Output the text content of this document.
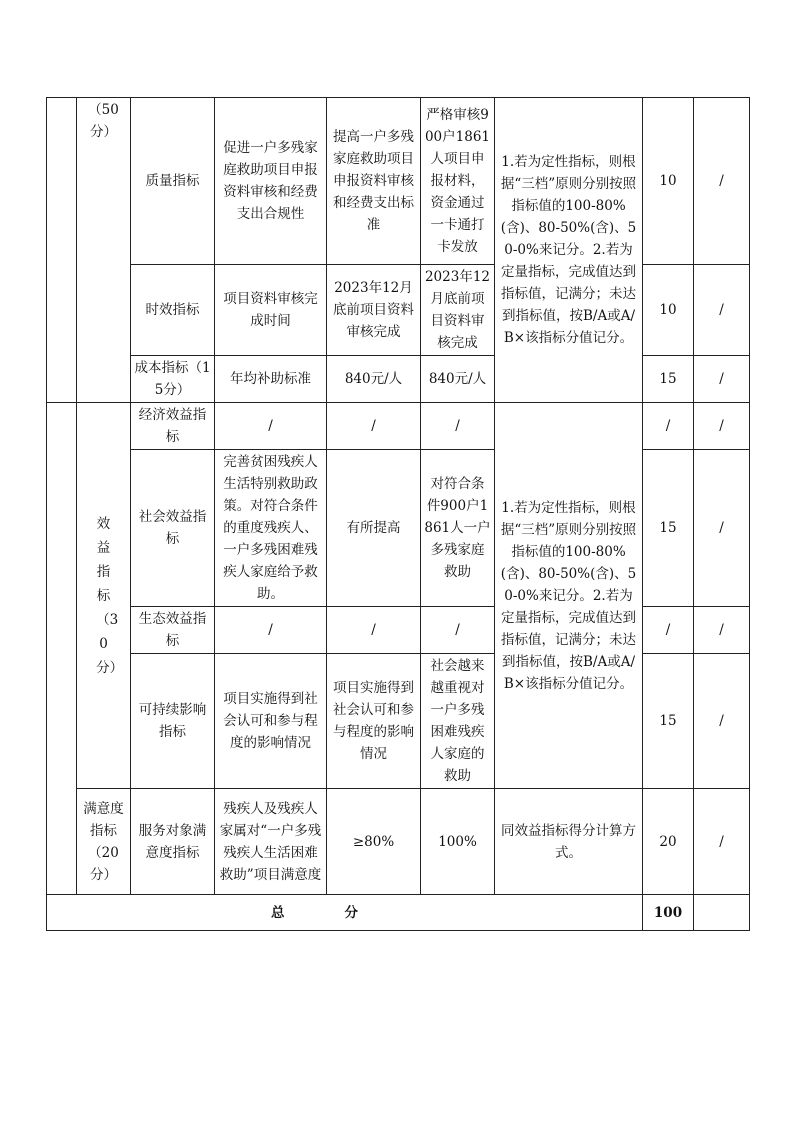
	（50分）	质量指标	促进一户多残家庭救助项目申报资料审核和经费支出合规性	提高一户多残家庭救助项目申报资料审核和经费支出标准	严格审核900户1861人项目申报材料，资金通过一卡通打卡发放	1.若为定性指标，则根据“三档”原则分别按照指标值的100-80%(含)、80-50%(含)、50-0%来记分。2.若为定量指标，完成值达到指标值，记满分；未达到指标值，按B/A或A/B×该指标分值记分。	10	/
		时效指标	项目资料审核完成时间	2023年12月底前项目资料审核完成	2023年12月底前项目资料审核完成		10	/
		成本指标（15分）	年均补助标准	840元/人	840元/人		15	/
	效益指标（30分）	经济效益指标	/	/	/	1.若为定性指标，则根据“三档”原则分别按照指标值的100-80%(含)、80-50%(含)、50-0%来记分。2.若为定量指标，完成值达到指标值，记满分；未达到指标值，按B/A或A/B×该指标分值记分。	/	/
		社会效益指标	完善贫困残疾人生活特别救助政策。对符合条件的重度残疾人、一户多残困难残疾人家庭给予救助。	有所提高	对符合条件900户1861人一户多残家庭救助		15	/
		生态效益指标	/	/	/		/	/
		可持续影响指标	项目实施得到社会认可和参与程度的影响情况	项目实施得到社会认可和参与程度的影响情况	社会越来越重视对一户多残困难残疾人家庭的救助		15	/
	满意度指标（20分）	服务对象满意度指标	残疾人及残疾人家属对“一户多残残疾人生活困难救助”项目满意度	≥80%	100%	同效益指标得分计算方式。	20	/
总分							100	
